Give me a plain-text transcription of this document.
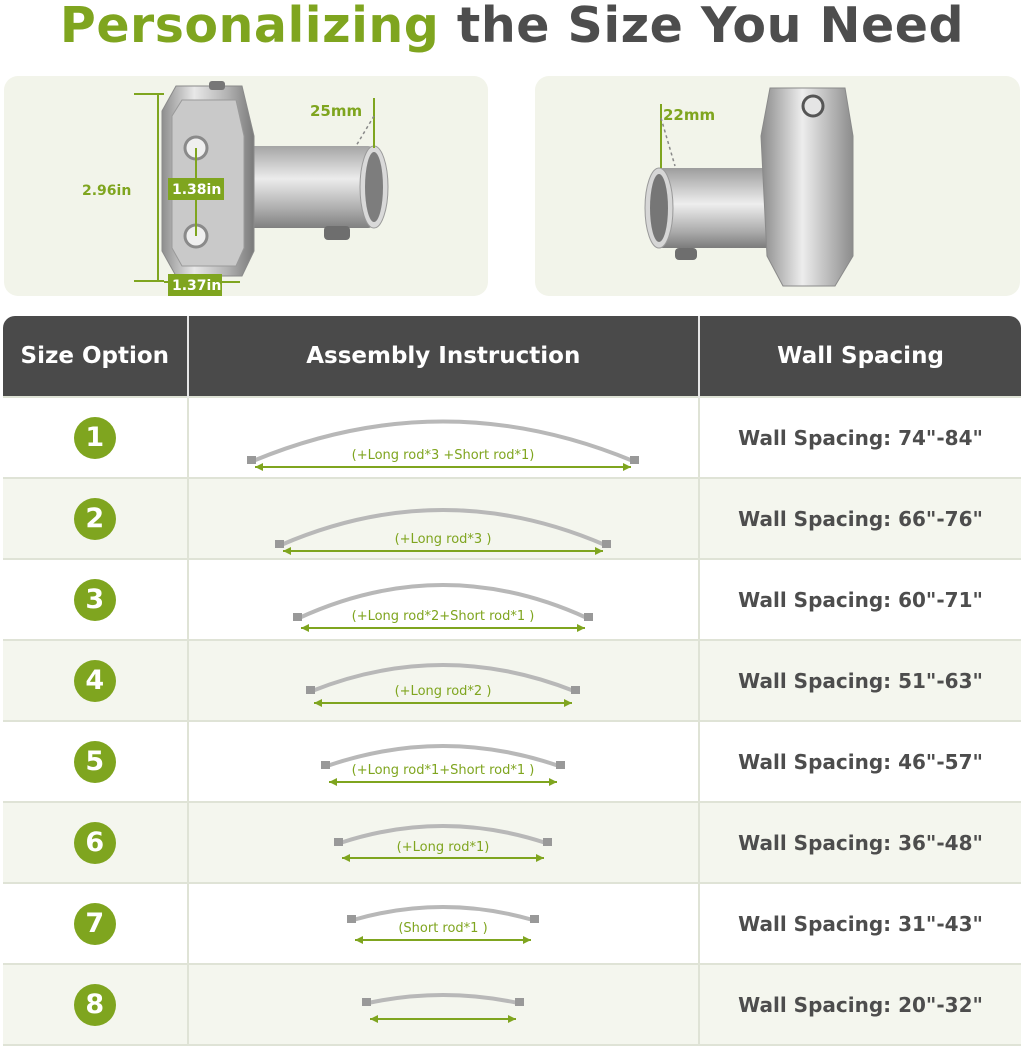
Personalizing the Size You Need
2.96in	1.38in
1.37in
25mm	22mm
Size Option	Assembly Instruction	Wall Spacing
1	(+Long rod*3 +Short rod*1)	Wall Spacing: 74"-84"
2	(+Long rod*3 )	Wall Spacing: 66"-76"
3	(+Long rod*2+Short rod*1 )	Wall Spacing: 60"-71"
4	(+Long rod*2 )	Wall Spacing: 51"-63"
5	(+Long rod*1+Short rod*1 )	Wall Spacing: 46"-57"
6	(+Long rod*1)	Wall Spacing: 36"-48"
7	(Short rod*1 )	Wall Spacing: 31"-43"
8		Wall Spacing: 20"-32"
